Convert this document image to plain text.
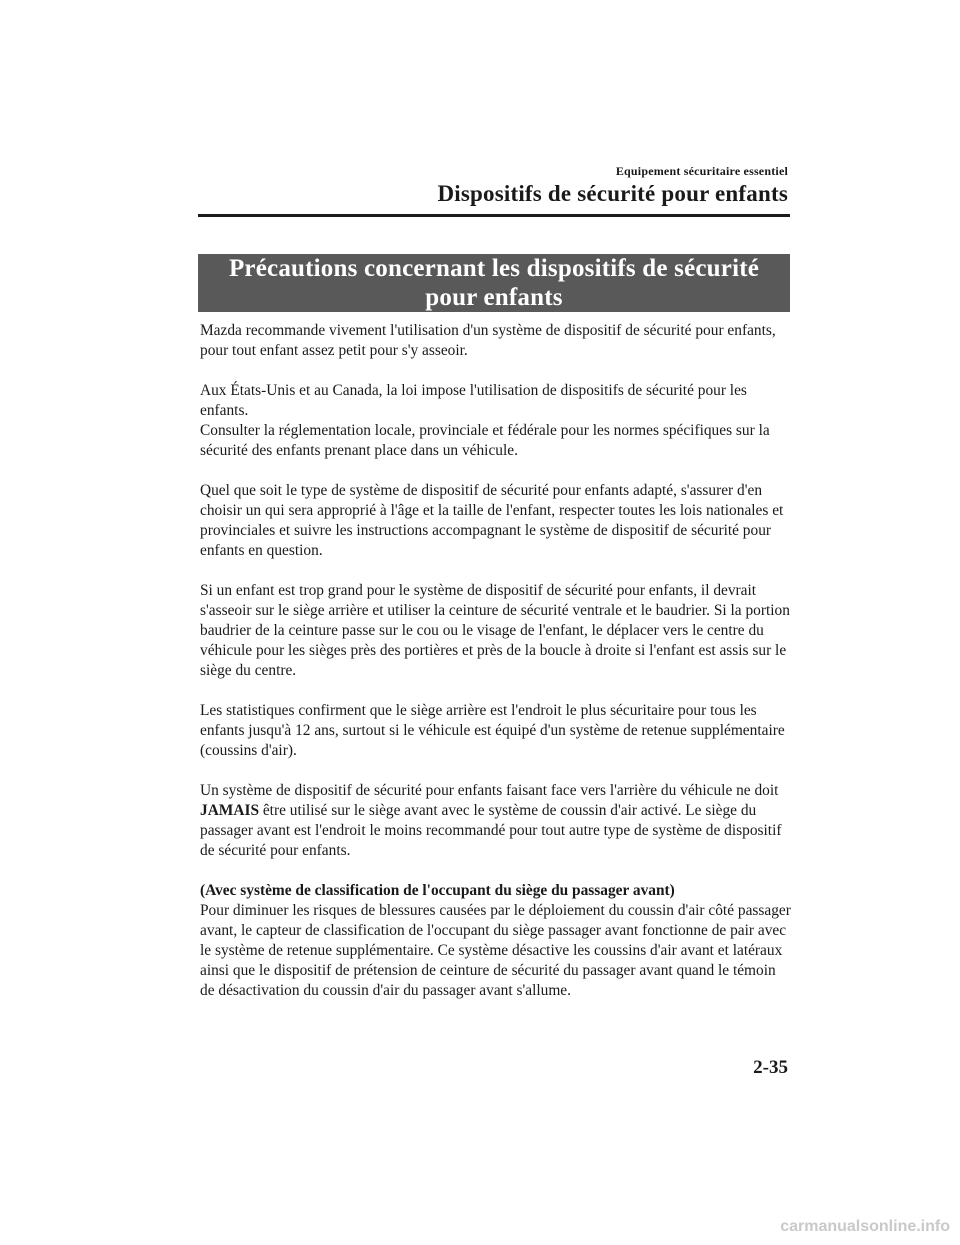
Equipement sécuritaire essentiel
Dispositifs de sécurité pour enfants
Précautions concernant les dispositifs de sécurité pour enfants

Mazda recommande vivement l'utilisation d'un système de dispositif de sécurité pour enfants, pour tout enfant assez petit pour s'y asseoir.

Aux États-Unis et au Canada, la loi impose l'utilisation de dispositifs de sécurité pour les enfants.

Consulter la réglementation locale, provinciale et fédérale pour les normes spécifiques sur la sécurité des enfants prenant place dans un véhicule.

Quel que soit le type de système de dispositif de sécurité pour enfants adapté, s'assurer d'en choisir un qui sera approprié à l'âge et la taille de l'enfant, respecter toutes les lois nationales et provinciales et suivre les instructions accompagnant le système de dispositif de sécurité pour enfants en question.

Si un enfant est trop grand pour le système de dispositif de sécurité pour enfants, il devrait s'asseoir sur le siège arrière et utiliser la ceinture de sécurité ventrale et le baudrier. Si la portion baudrier de la ceinture passe sur le cou ou le visage de l'enfant, le déplacer vers le centre du véhicule pour les sièges près des portières et près de la boucle à droite si l'enfant est assis sur le siège du centre.

Les statistiques confirment que le siège arrière est l'endroit le plus sécuritaire pour tous les enfants jusqu'à 12 ans, surtout si le véhicule est équipé d'un système de retenue supplémentaire (coussins d'air).

Un système de dispositif de sécurité pour enfants faisant face vers l'arrière du véhicule ne doit JAMAIS être utilisé sur le siège avant avec le système de coussin d'air activé. Le siège du passager avant est l'endroit le moins recommandé pour tout autre type de système de dispositif de sécurité pour enfants.

(Avec système de classification de l'occupant du siège du passager avant)

Pour diminuer les risques de blessures causées par le déploiement du coussin d'air côté passager avant, le capteur de classification de l'occupant du siège passager avant fonctionne de pair avec le système de retenue supplémentaire. Ce système désactive les coussins d'air avant et latéraux ainsi que le dispositif de prétension de ceinture de sécurité du passager avant quand le témoin de désactivation du coussin d'air du passager avant s'allume.

2-35
carmanualsonline.info
